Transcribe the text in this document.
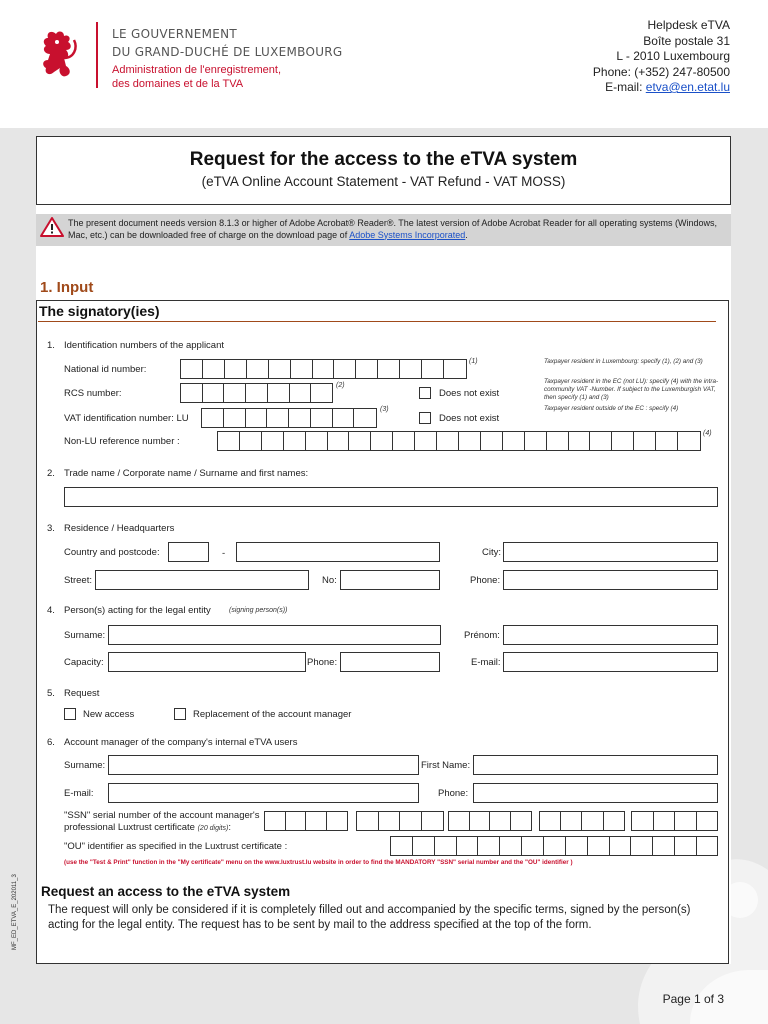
LE GOUVERNEMENT
DU GRAND-DUCHÉ DE LUXEMBOURG
Administration de l'enregistrement,
des domaines et de la TVA
Helpdesk eTVA
Boîte postale 31
L - 2010 Luxembourg
Phone: (+352) 247-80500
E-mail: etva@en.etat.lu
Request for the access to the eTVA system
(eTVA Online Account Statement - VAT Refund - VAT MOSS)
The present document needs version 8.1.3 or higher of Adobe Acrobat® Reader®. The latest version of Adobe Acrobat Reader for all operating systems (Windows, Mac, etc.) can be downloaded free of charge on the download page of Adobe Systems Incorporated.
1. Input
The signatory(ies)
1. Identification numbers of the applicant
National id number:
(1)
RCS number:
(2)
Does not exist
VAT identification number: LU
(3)
Does not exist
Non-LU reference number :
(4)
Taxpayer resident in Luxembourg: specify (1), (2) and (3)
Taxpayer resident in the EC (not LU): specify (4) with the intra-community VAT -Number. If subject to the Luxemburgish VAT, then specify (1) and (3)
Taxpayer resident outside of the EC : specify (4)
2. Trade name / Corporate name / Surname and first names:
3. Residence / Headquarters
Country and postcode:	-	City:
Street:	No:	Phone:
4. Person(s) acting for the legal entity	(signing person(s))
Surname:	Prénom:
Capacity:	Phone:	E-mail:
5. Request
New access	Replacement of the account manager
6. Account manager of the company's internal eTVA users
Surname:	First Name:
E-mail:	Phone:
"SSN" serial number of the account manager's
professional Luxtrust certificate (20 digits):
"OU" identifier as specified in the Luxtrust certificate :
(use the "Test & Print" function in the "My certificate" menu on the www.luxtrust.lu website in order to find the MANDATORY "SSN" serial number and the "OU" identifier )
Request an access to the eTVA system
The request will only be considered if it is completely filled out and accompanied by the specific terms, signed by the person(s) acting for the legal entity. The request has to be sent by mail to the address specified at the top of the form.
MF_ED_ETVA_E_202011_3
Page 1 of 3
